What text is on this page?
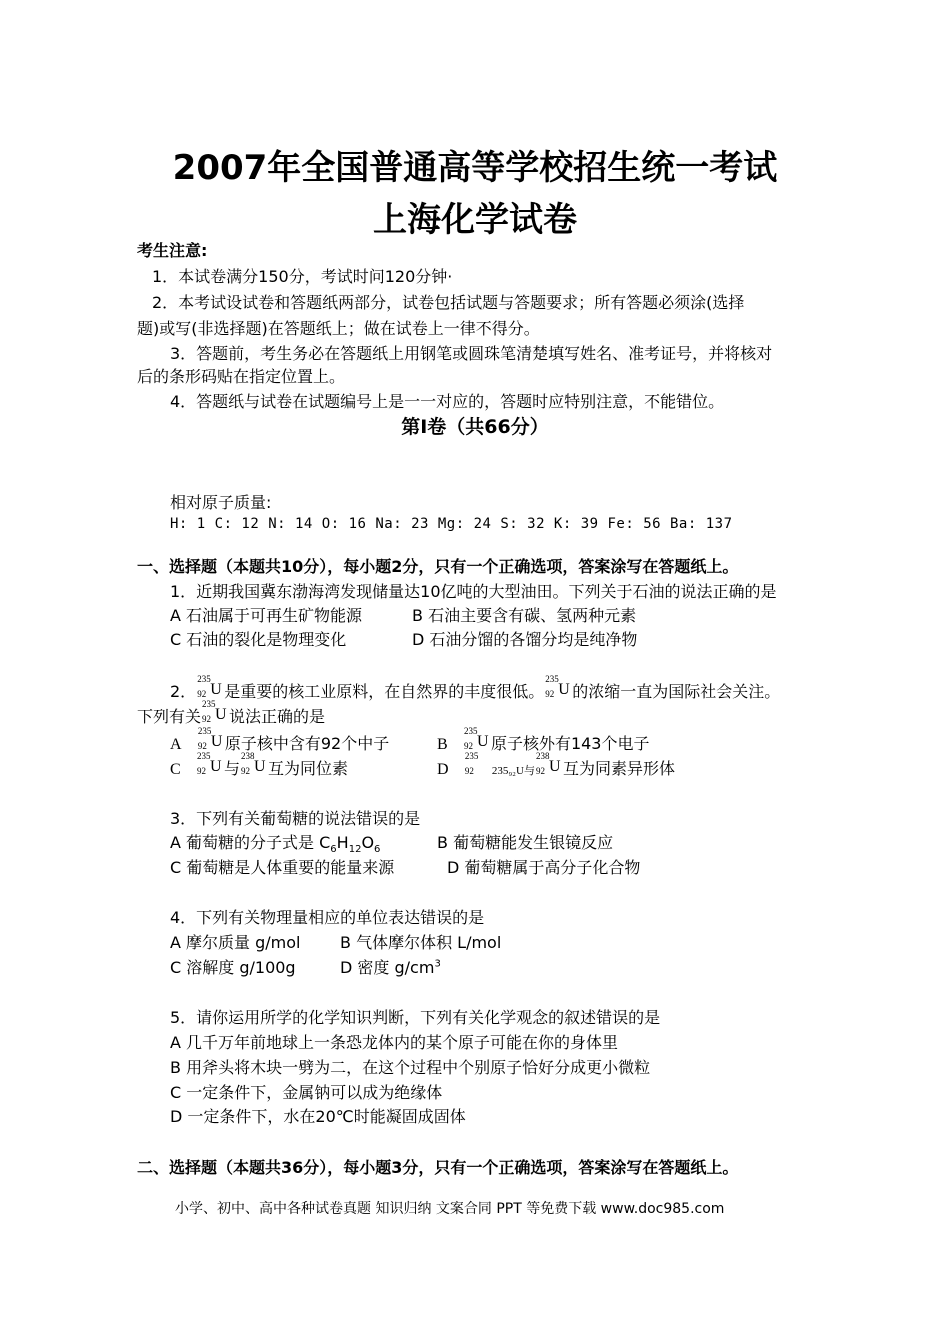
2007年全国普通高等学校招生统一考试
上海化学试卷
考生注意:
1．本试卷满分150分，考试时问120分钟·
2．本考试设试卷和答题纸两部分，试卷包括试题与答题要求；所有答题必须涂(选择
题)或写(非选择题)在答题纸上；做在试卷上一律不得分。
3．答题前，考生务必在答题纸上用钢笔或圆珠笔清楚填写姓名、准考证号，并将核对
后的条形码贴在指定位置上。
4．答题纸与试卷在试题编号上是一一对应的，答题时应特别注意，不能错位。
第Ⅰ卷（共66分）
相对原子质量:
H: 1 C: 12 N: 14 O: 16 Na: 23 Mg: 24 S: 32 K: 39 Fe: 56 Ba: 137
一、选择题（本题共10分），每小题2分，只有一个正确选项，答案涂写在答题纸上。
1．近期我国冀东渤海湾发现储量达10亿吨的大型油田。下列关于石油的说法正确的是
A 石油属于可再生矿物能源	B 石油主要含有碳、氢两种元素
C 石油的裂化是物理变化	D 石油分馏的各馏分均是纯净物
2．
235
92 U 是重要的核工业原料，在自然界的丰度很低。
235
92 U 的浓缩一直为国际社会关注。
下列有关
235
92 U 说法正确的是
A
235
92 U 原子核中含有92个中子	B
235
92 U 原子核外有143个电子
C
235
92 U 与
238
92 U 互为同位素	D
235
92 235₉₂U与
238
92 U 互为同素异形体
3．下列有关葡萄糖的说法错误的是
A 葡萄糖的分子式是 $C_6H_{12}O_6$	B 葡萄糖能发生银镜反应
C 葡萄糖是人体重要的能量来源	D 葡萄糖属于高分子化合物
4．下列有关物理量相应的单位表达错误的是
A 摩尔质量 g/mol B 气体摩尔体积 L/mol
C 溶解度 g/100g	D 密度 $g/cm^3$
5．请你运用所学的化学知识判断，下列有关化学观念的叙述错误的是
A 几千万年前地球上一条恐龙体内的某个原子可能在你的身体里
B 用斧头将木块一劈为二，在这个过程中个别原子恰好分成更小微粒
C 一定条件下，金属钠可以成为绝缘体
D 一定条件下，水在20℃时能凝固成固体
二、选择题（本题共36分），每小题3分，只有一个正确选项，答案涂写在答题纸上。
小学、初中、高中各种试卷真题 知识归纳 文案合同 PPT 等免费下载 www.doc985.com
